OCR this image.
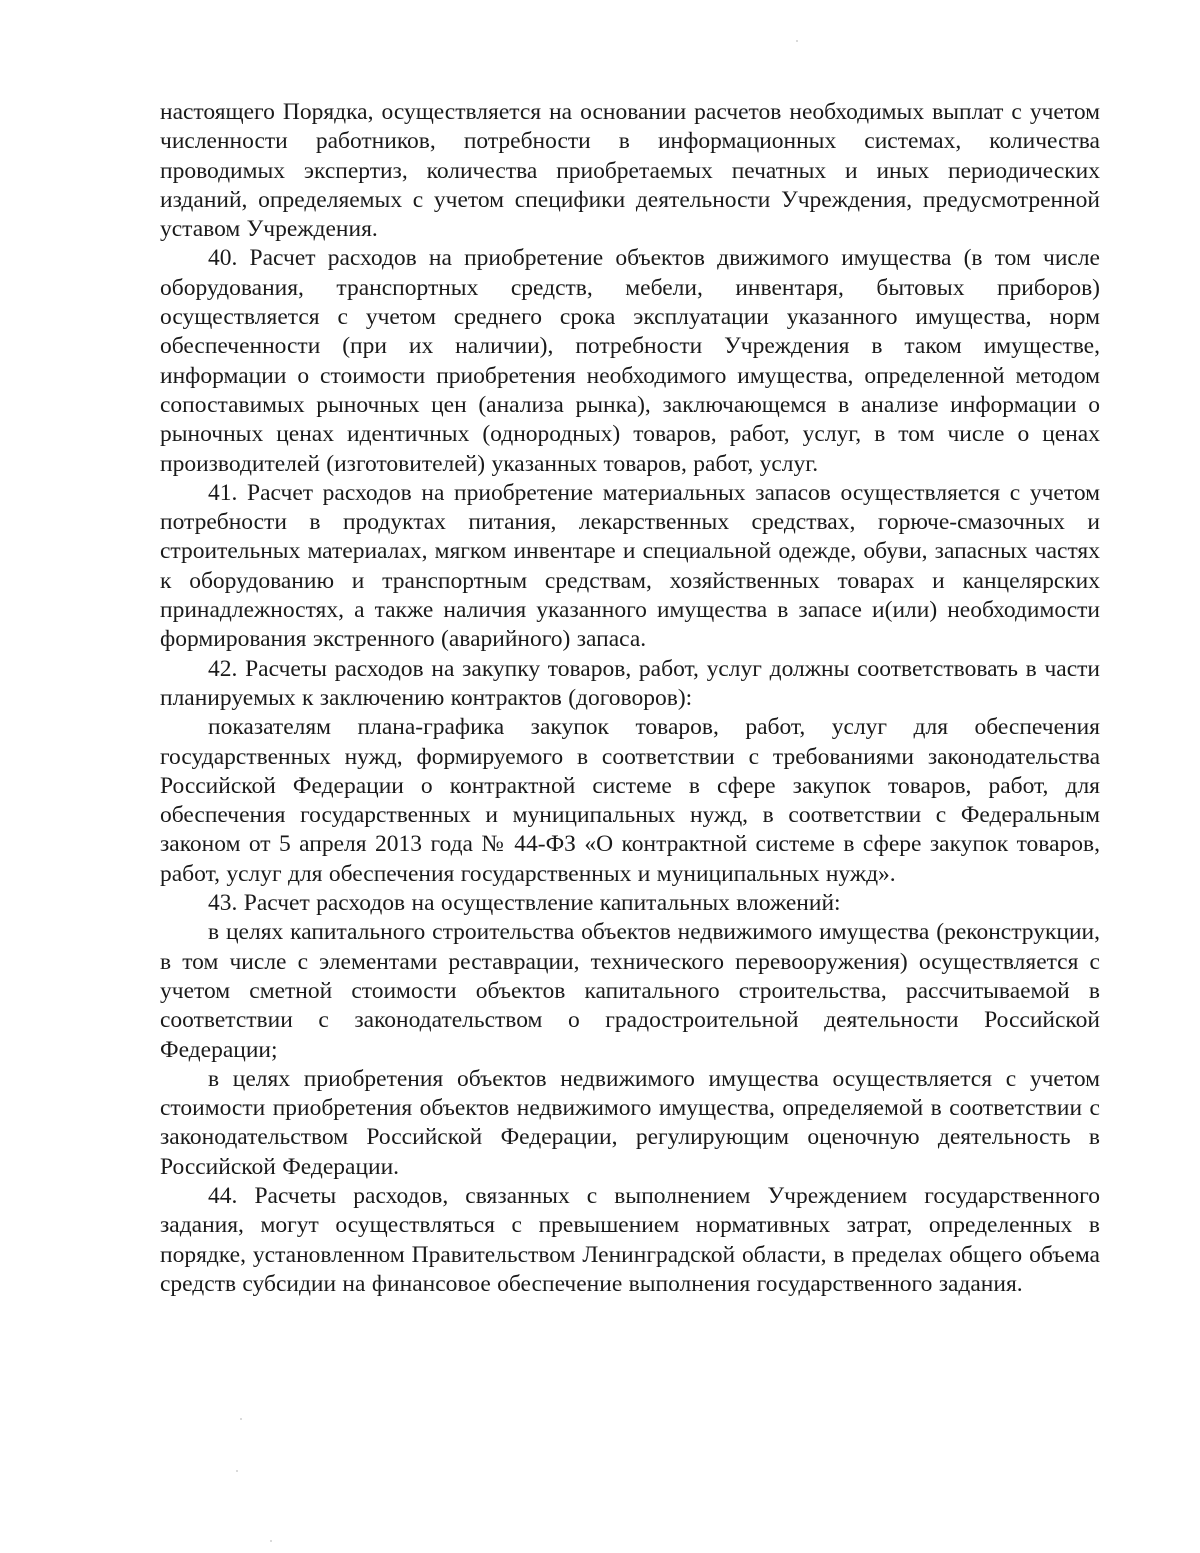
настоящего Порядка, осуществляется на основании расчетов необходимых выплат с учетом численности работников, потребности в информационных системах, количества проводимых экспертиз, количества приобретаемых печатных и иных периодических изданий, определяемых с учетом специфики деятельности Учреждения, предусмотренной уставом Учреждения.

40. Расчет расходов на приобретение объектов движимого имущества (в том числе оборудования, транспортных средств, мебели, инвентаря, бытовых приборов) осуществляется с учетом среднего срока эксплуатации указанного имущества, норм обеспеченности (при их наличии), потребности Учреждения в таком имуществе, информации о стоимости приобретения необходимого имущества, определенной методом сопоставимых рыночных цен (анализа рынка), заключающемся в анализе информации о рыночных ценах идентичных (однородных) товаров, работ, услуг, в том числе о ценах производителей (изготовителей) указанных товаров, работ, услуг.

41. Расчет расходов на приобретение материальных запасов осуществляется с учетом потребности в продуктах питания, лекарственных средствах, горюче-смазочных и строительных материалах, мягком инвентаре и специальной одежде, обуви, запасных частях к оборудованию и транспортным средствам, хозяйственных товарах и канцелярских принадлежностях, а также наличия указанного имущества в запасе и(или) необходимости формирования экстренного (аварийного) запаса.

42. Расчеты расходов на закупку товаров, работ, услуг должны соответствовать в части планируемых к заключению контрактов (договоров):

показателям плана-графика закупок товаров, работ, услуг для обеспечения государственных нужд, формируемого в соответствии с требованиями законодательства Российской Федерации о контрактной системе в сфере закупок товаров, работ, для обеспечения государственных и муниципальных нужд, в соответствии с Федеральным законом от 5 апреля 2013 года № 44-ФЗ «О контрактной системе в сфере закупок товаров, работ, услуг для обеспечения государственных и муниципальных нужд».

43. Расчет расходов на осуществление капитальных вложений:

в целях капитального строительства объектов недвижимого имущества (реконструкции, в том числе с элементами реставрации, технического перевооружения) осуществляется с учетом сметной стоимости объектов капитального строительства, рассчитываемой в соответствии с законодательством о градостроительной деятельности Российской Федерации;

в целях приобретения объектов недвижимого имущества осуществляется с учетом стоимости приобретения объектов недвижимого имущества, определяемой в соответствии с законодательством Российской Федерации, регулирующим оценочную деятельность в Российской Федерации.

44. Расчеты расходов, связанных с выполнением Учреждением государственного задания, могут осуществляться с превышением нормативных затрат, определенных в порядке, установленном Правительством Ленинградской области, в пределах общего объема средств субсидии на финансовое обеспечение выполнения государственного задания.
